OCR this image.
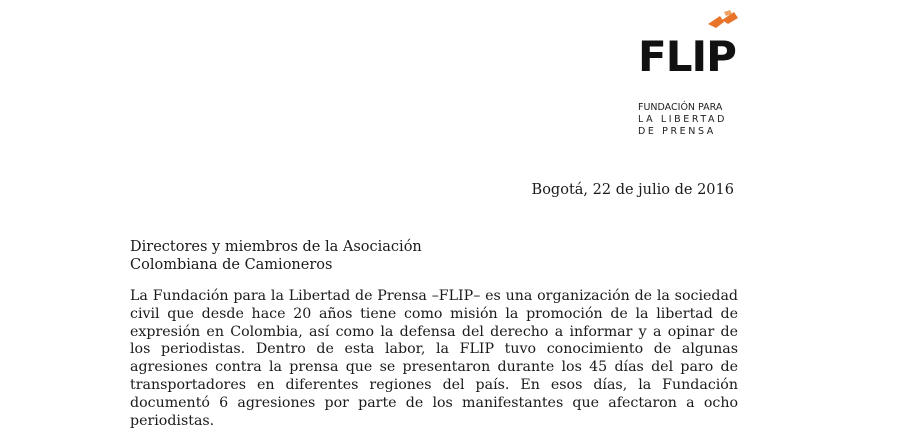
FLIP
FUNDACIÓN PARA
LA LIBERTAD
DE PRENSA
Bogotá, 22 de julio de 2016
Directores y miembros de la Asociación
Colombiana de Camioneros
La Fundación para la Libertad de Prensa –FLIP– es una organización de la sociedad civil que desde hace 20 años tiene como misión la promoción de la libertad de expresión en Colombia, así como la defensa del derecho a informar y a opinar de los periodistas. Dentro de esta labor, la FLIP tuvo conocimiento de algunas agresiones contra la prensa que se presentaron durante los 45 días del paro de transportadores en diferentes regiones del país. En esos días, la Fundación documentó 6 agresiones por parte de los manifestantes que afectaron a ocho periodistas.
